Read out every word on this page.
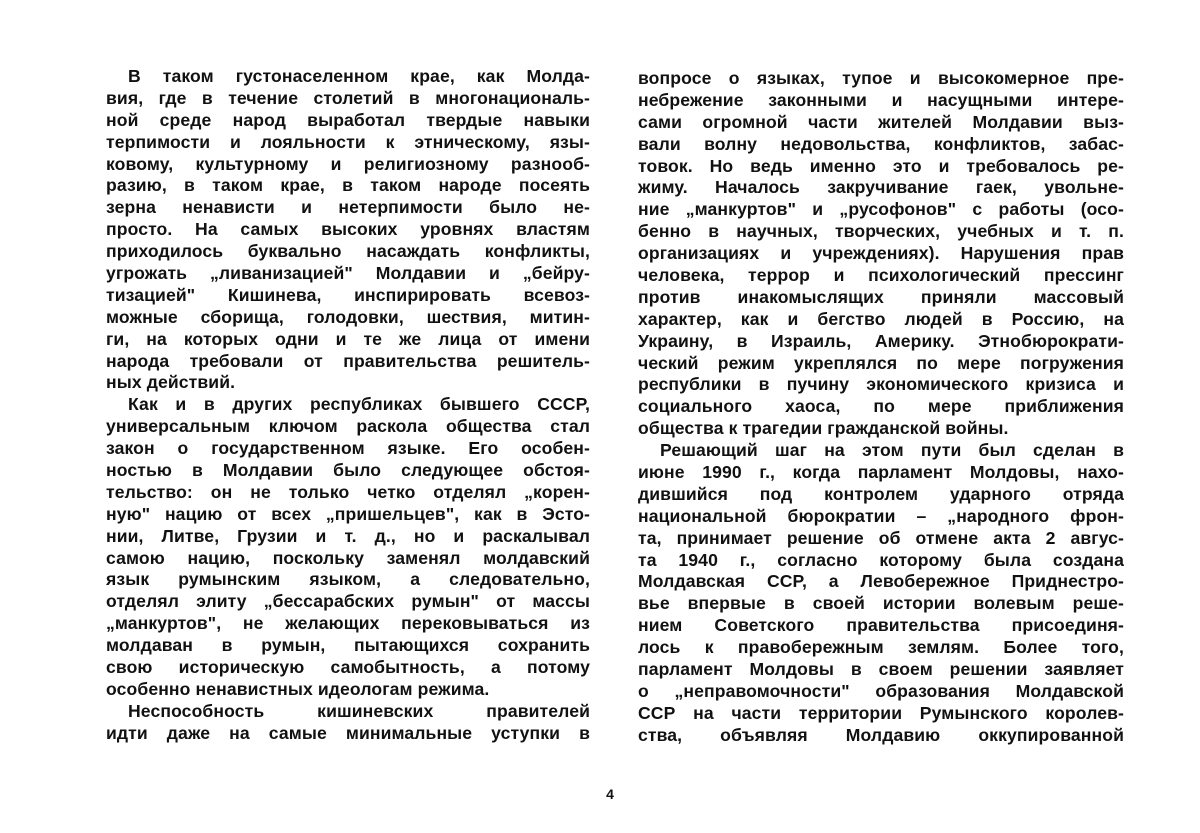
В таком густонаселенном крае, как Молда-
вия, где в течение столетий в многонациональ-
ной среде народ выработал твердые навыки
терпимости и лояльности к этническому, язы-
ковому, культурному и религиозному разнооб-
разию, в таком крае, в таком народе посеять
зерна ненависти и нетерпимости было не-
просто. На самых высоких уровнях властям
приходилось буквально насаждать конфликты,
угрожать „ливанизацией" Молдавии и „бейру-
тизацией" Кишинева, инспирировать всевоз-
можные сборища, голодовки, шествия, митин-
ги, на которых одни и те же лица от имени
народа требовали от правительства решитель-
ных действий.
Как и в других республиках бывшего СССР,
универсальным ключом раскола общества стал
закон о государственном языке. Его особен-
ностью в Молдавии было следующее обстоя-
тельство: он не только четко отделял „корен-
ную" нацию от всех „пришельцев", как в Эсто-
нии, Литве, Грузии и т. д., но и раскалывал
самою нацию, поскольку заменял молдавский
язык румынским языком, а следовательно,
отделял элиту „бессарабских румын" от массы
„манкуртов", не желающих перековываться из
молдаван в румын, пытающихся сохранить
свою историческую самобытность, а потому
особенно ненавистных идеологам режима.
Неспособность кишиневских правителей
идти даже на самые минимальные уступки в
вопросе о языках, тупое и высокомерное пре-
небрежение законными и насущными интере-
сами огромной части жителей Молдавии выз-
вали волну недовольства, конфликтов, забас-
товок. Но ведь именно это и требовалось ре-
жиму. Началось закручивание гаек, увольне-
ние „манкуртов" и „русофонов" с работы (осо-
бенно в научных, творческих, учебных и т. п.
организациях и учреждениях). Нарушения прав
человека, террор и психологический прессинг
против инакомыслящих приняли массовый
характер, как и бегство людей в Россию, на
Украину, в Израиль, Америку. Этнобюрократи-
ческий режим укреплялся по мере погружения
республики в пучину экономического кризиса и
социального хаоса, по мере приближения
общества к трагедии гражданской войны.
Решающий шаг на этом пути был сделан в
июне 1990 г., когда парламент Молдовы, нахо-
дившийся под контролем ударного отряда
национальной бюрократии – „народного фрон-
та, принимает решение об отмене акта 2 авгус-
та 1940 г., согласно которому была создана
Молдавская ССР, а Левобережное Приднестро-
вье впервые в своей истории волевым реше-
нием Советского правительства присоединя-
лось к правобережным землям. Более того,
парламент Молдовы в своем решении заявляет
о „неправомочности" образования Молдавской
ССР на части территории Румынского королев-
ства, объявляя Молдавию оккупированной
4
